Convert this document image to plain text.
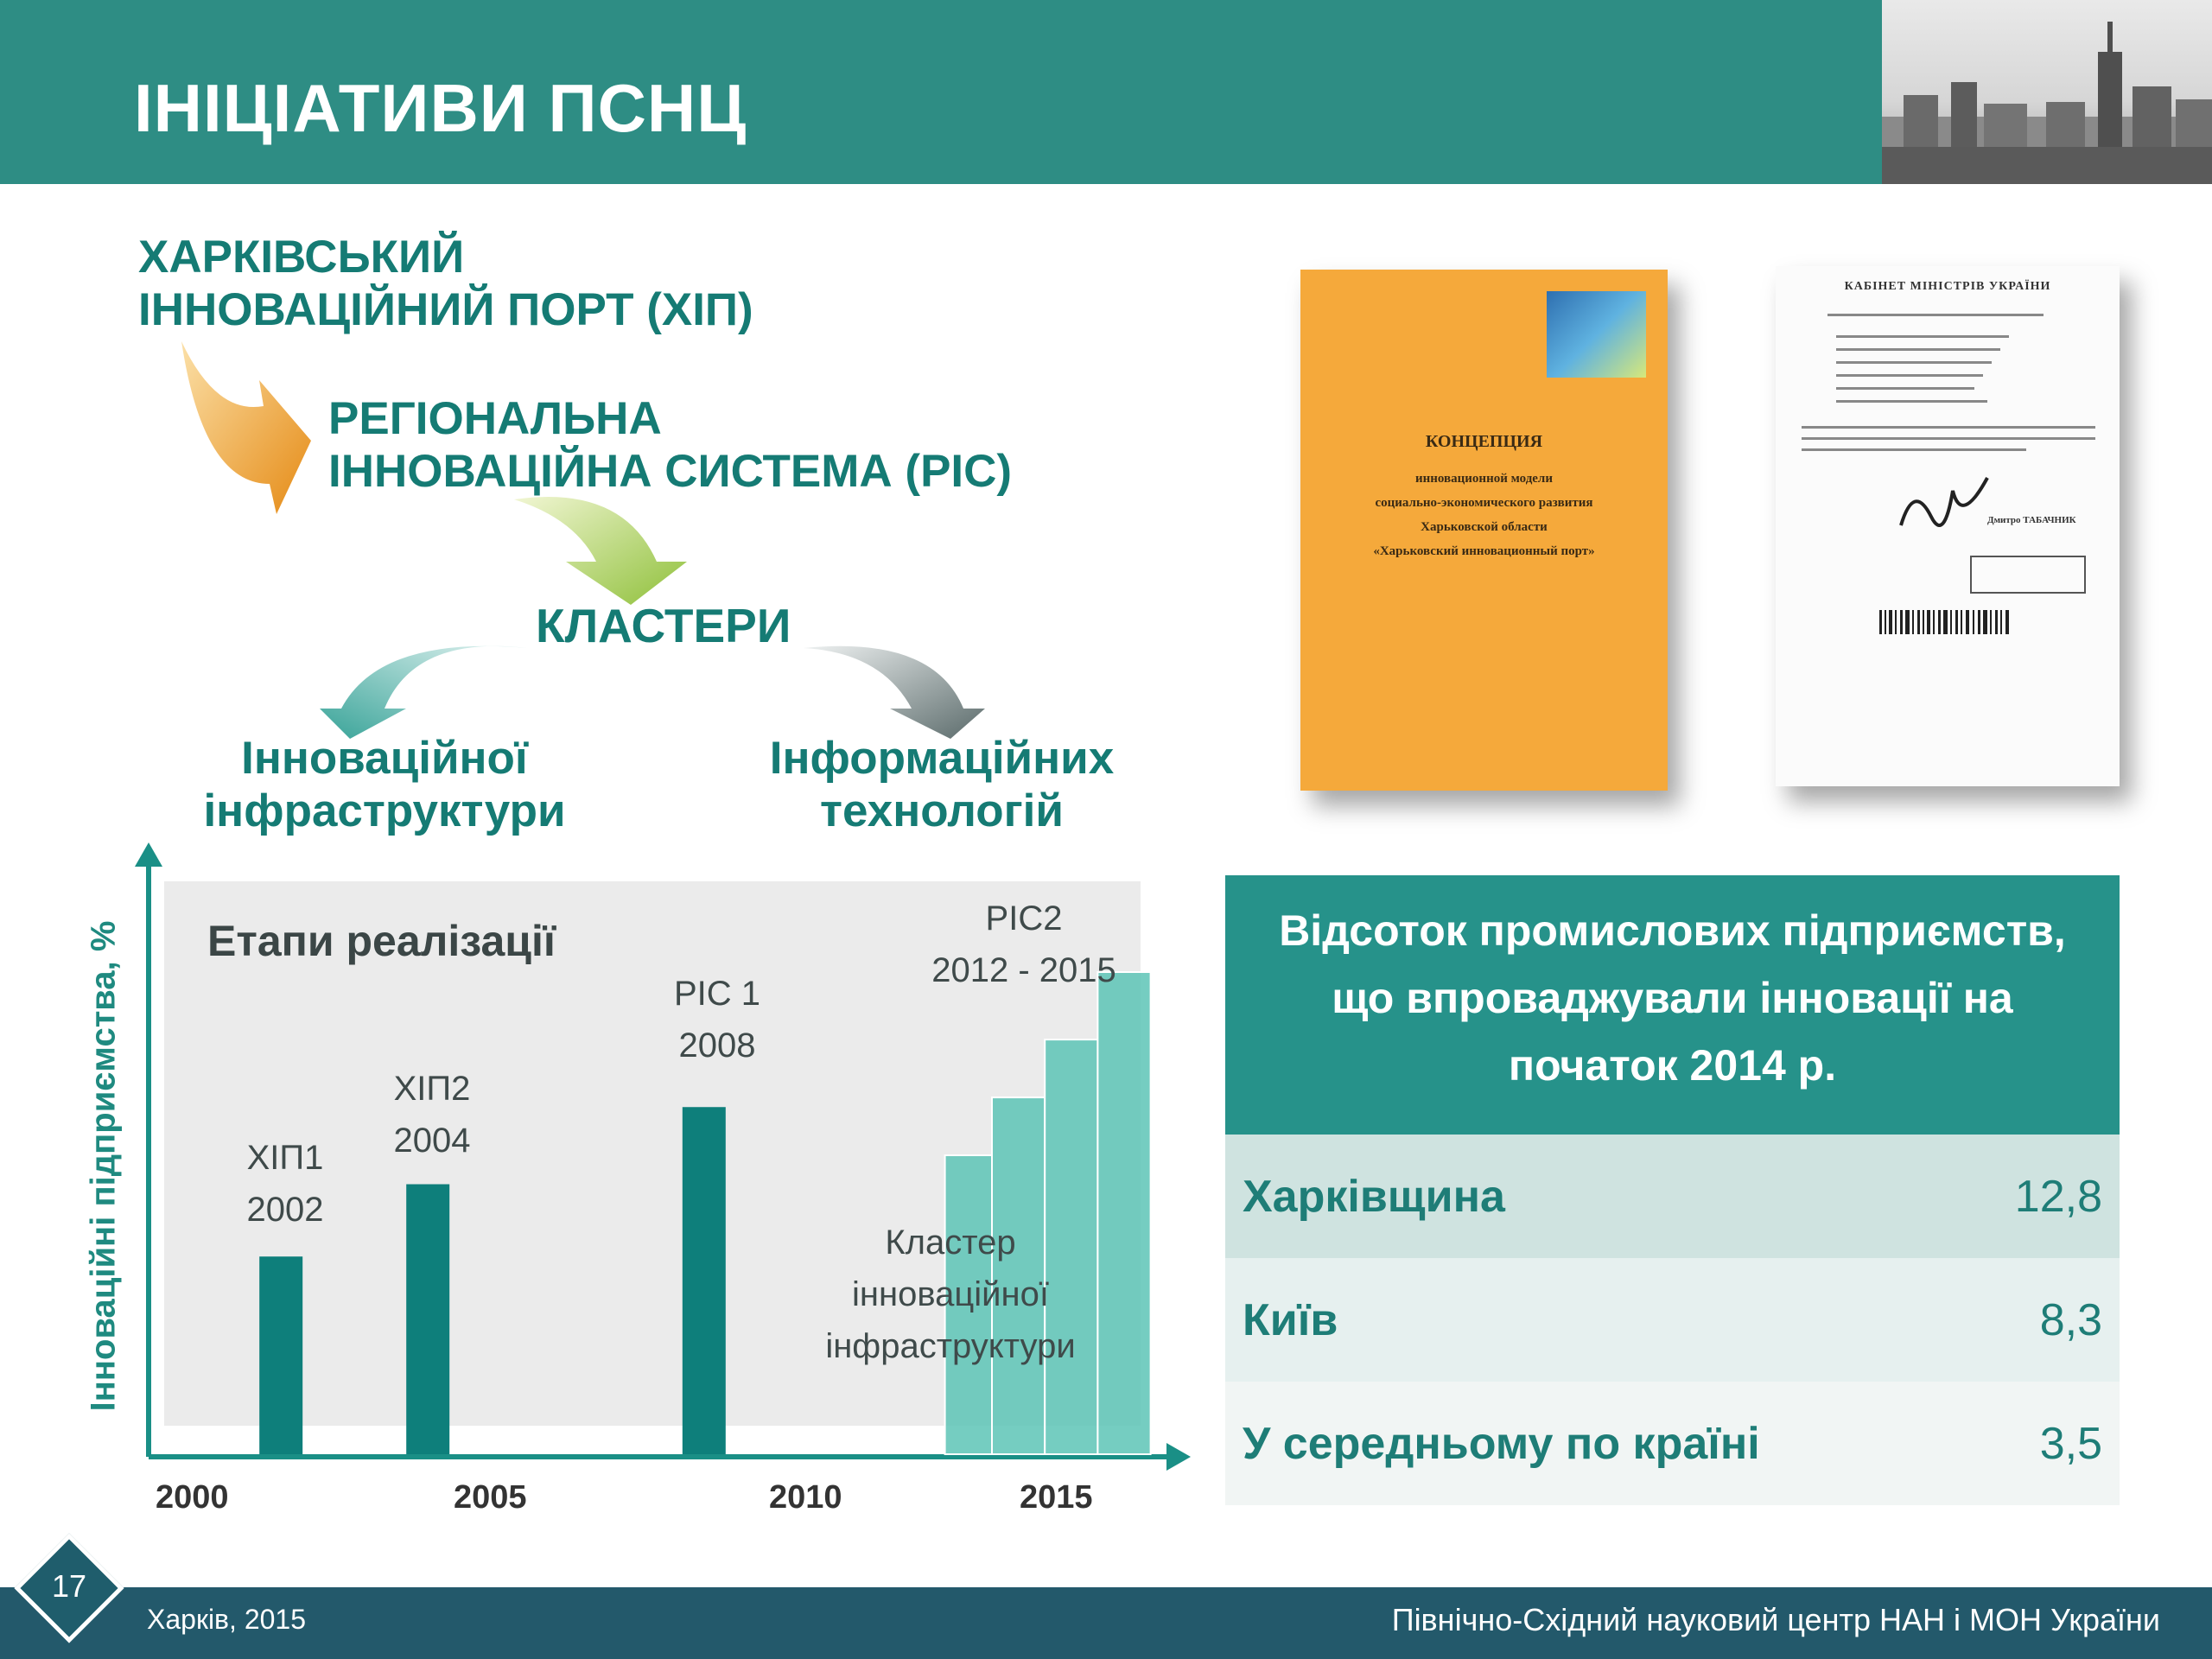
ІНІЦІАТИВИ ПСНЦ
ХАРКІВСЬКИЙ
ІННОВАЦІЙНИЙ ПОРТ (ХІП)
РЕГІОНАЛЬНА
ІННОВАЦІЙНА СИСТЕМА (РІС)
КЛАСТЕРИ
Інноваційної
інфраструктури
Інформаційних
технологій
КОНЦЕПЦИЯ
инновационной модели
социально-экономического развития
Харьковской области
«Харьковский инновационный порт»
КАБІНЕТ МІНІСТРІВ УКРАЇНИ
Дмитро ТАБАЧНИК
Етапи реалізації
Інноваційні підприємства, %
2000	2005	2010	2015
ХІП1
2002
ХІП2
2004
РІС 1
2008
РІС2
2012 - 2015
Кластер
інноваційної
інфраструктури
Відсоток промислових підприємств,
що впроваджували інновації на
початок 2014 р.
Харківщина	12,8
Київ	8,3
У середньому по країні	3,5
17
Харків, 2015	Північно-Східний науковий центр НАН і МОН України
